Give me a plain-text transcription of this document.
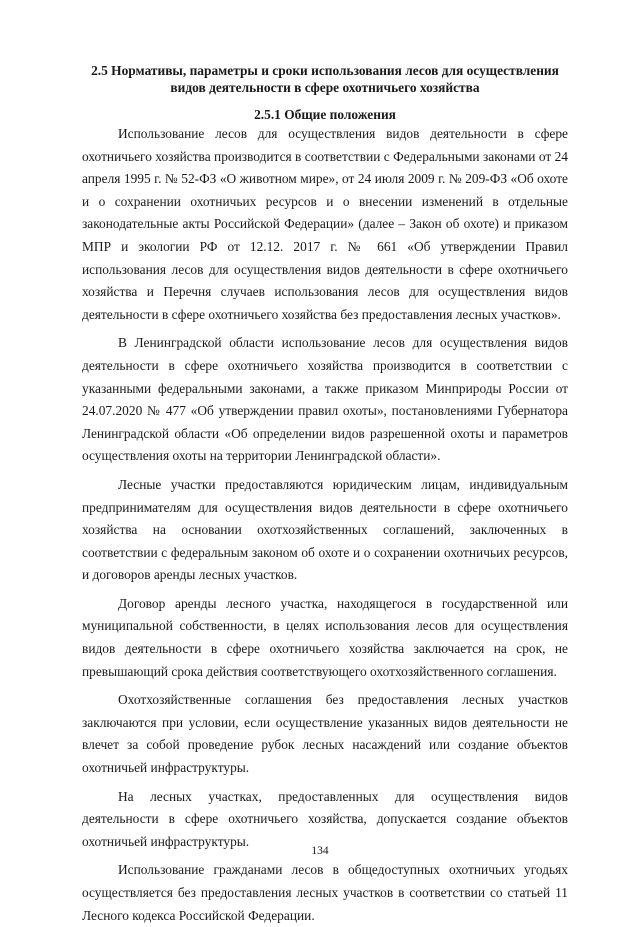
2.5 Нормативы, параметры и сроки использования лесов для осуществления видов деятельности в сфере охотничьего хозяйства
2.5.1 Общие положения

Использование лесов для осуществления видов деятельности в сфере охотничьего хозяйства производится в соответствии с Федеральными законами от 24 апреля 1995 г. № 52-ФЗ «О животном мире», от 24 июля 2009 г. № 209-ФЗ «Об охоте и о сохранении охотничьих ресурсов и о внесении изменений в отдельные законодательные акты Российской Федерации» (далее – Закон об охоте) и приказом МПР и экологии РФ от 12.12. 2017 г. № 661 «Об утверждении Правил использования лесов для осуществления видов деятельности в сфере охотничьего хозяйства и Перечня случаев использования лесов для осуществления видов деятельности в сфере охотничьего хозяйства без предоставления лесных участков».

В Ленинградской области использование лесов для осуществления видов деятельности в сфере охотничьего хозяйства производится в соответствии с указанными федеральными законами, а также приказом Минприроды России от 24.07.2020 № 477 «Об утверждении правил охоты», постановлениями Губернатора Ленинградской области «Об определении видов разрешенной охоты и параметров осуществления охоты на территории Ленинградской области».

Лесные участки предоставляются юридическим лицам, индивидуальным предпринимателям для осуществления видов деятельности в сфере охотничьего хозяйства на основании охотхозяйственных соглашений, заключенных в соответствии с федеральным законом об охоте и о сохранении охотничьих ресурсов, и договоров аренды лесных участков.

Договор аренды лесного участка, находящегося в государственной или муниципальной собственности, в целях использования лесов для осуществления видов деятельности в сфере охотничьего хозяйства заключается на срок, не превышающий срока действия соответствующего охотхозяйственного соглашения.

Охотхозяйственные соглашения без предоставления лесных участков заключаются при условии, если осуществление указанных видов деятельности не влечет за собой проведение рубок лесных насаждений или создание объектов охотничьей инфраструктуры.

На лесных участках, предоставленных для осуществления видов деятельности в сфере охотничьего хозяйства, допускается создание объектов охотничьей инфраструктуры.

Использование гражданами лесов в общедоступных охотничьих угодьях осуществляется без предоставления лесных участков в соответствии со статьей 11 Лесного кодекса Российской Федерации.

134
